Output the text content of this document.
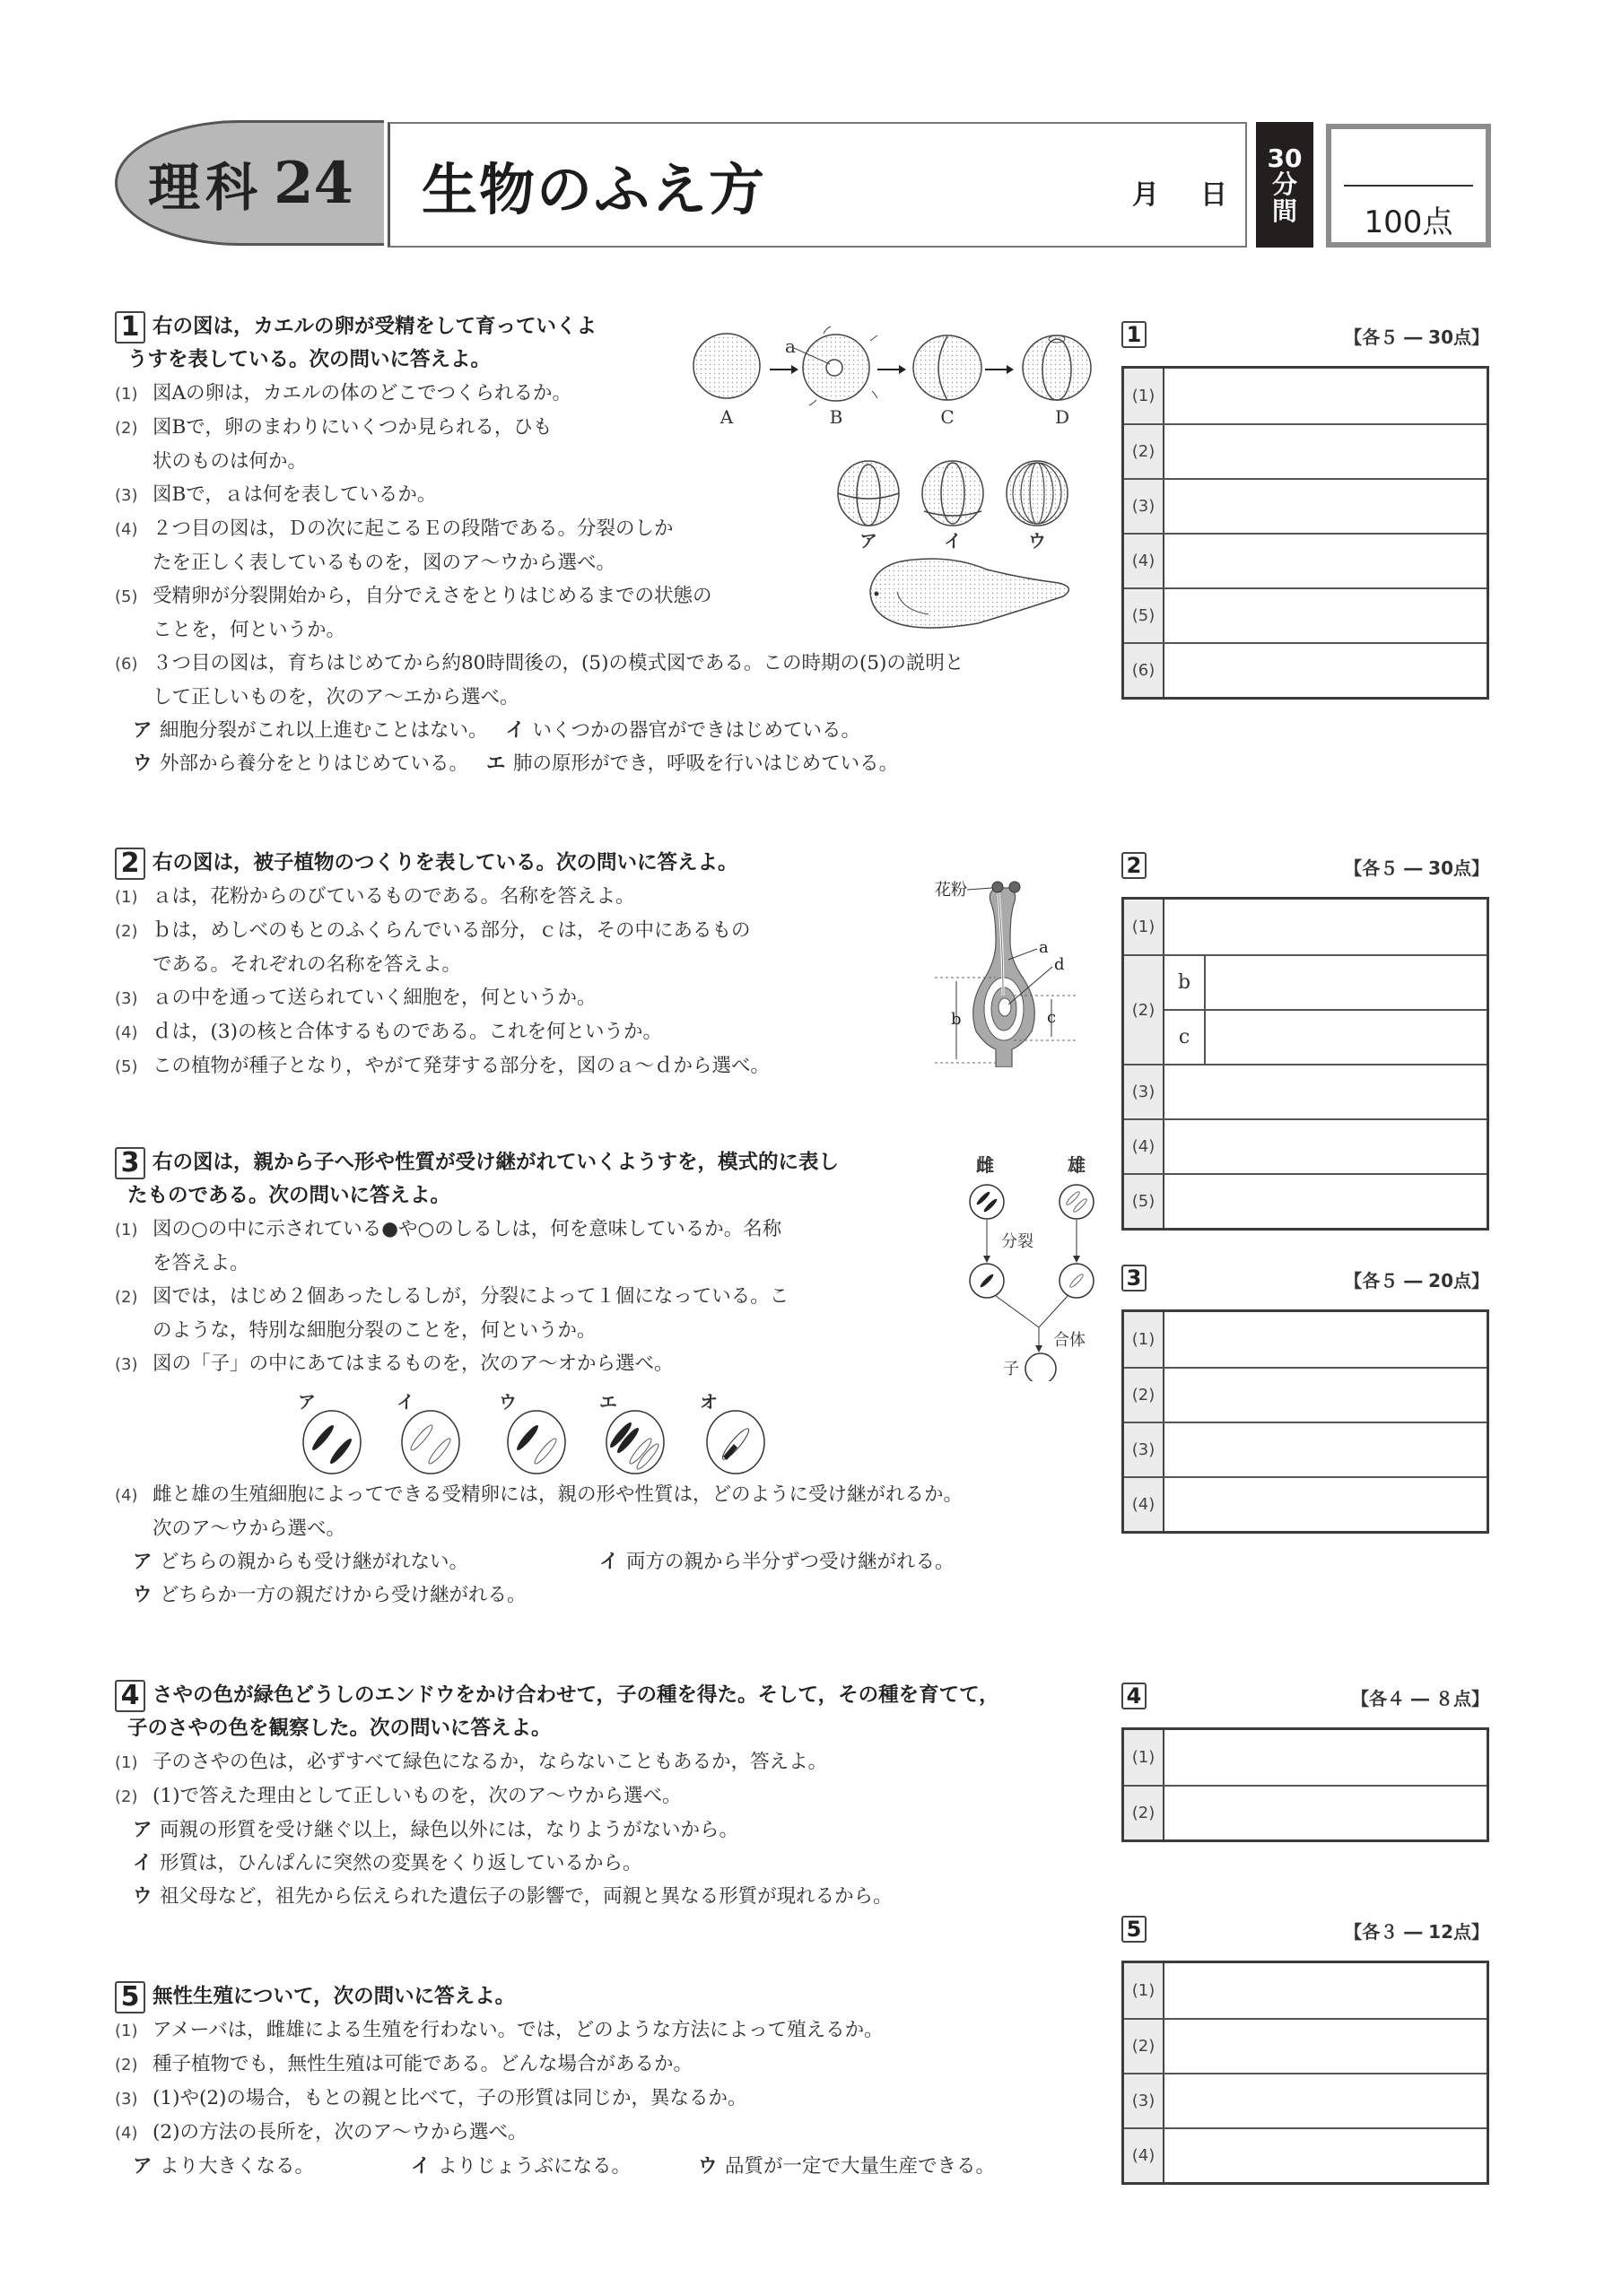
理科 24 生物のふえ方	月 日
30
分
間	100点
1 右の図は，カエルの卵が受精をして育っていくよ
うすを表している。次の問いに答えよ。
(1) 図Aの卵は，カエルの体のどこでつくられるか。
(2) 図Bで，卵のまわりにいくつか見られる，ひも
状のものは何か。
(3) 図Bで，ａは何を表しているか。
(4) ２つ目の図は，Ｄの次に起こるＥの段階である。分裂のしか
たを正しく表しているものを，図のア～ウから選べ。
(5) 受精卵が分裂開始から，自分でえさをとりはじめるまでの状態の
ことを，何というか。
(6) ３つ目の図は，育ちはじめてから約80時間後の，(5)の模式図である。この時期の(5)の説明と
して正しいものを，次のア～エから選べ。
ア 細胞分裂がこれ以上進むことはない。 イ いくつかの器官ができはじめている。
ウ 外部から養分をとりはじめている。 エ 肺の原形ができ，呼吸を行いはじめている。
A	B	C	D
a
ア	イ	ウ
1	【各５ ― 30点】
(1)
(2)
(3)
(4)
(5)
(6)
2 右の図は，被子植物のつくりを表している。次の問いに答えよ。
(1) ａは，花粉からのびているものである。名称を答えよ。
(2) ｂは，めしべのもとのふくらんでいる部分，ｃは，その中にあるもの
である。それぞれの名称を答えよ。
(3) ａの中を通って送られていく細胞を，何というか。
(4) ｄは，(3)の核と合体するものである。これを何というか。
(5) この植物が種子となり，やがて発芽する部分を，図のａ～ｄから選べ。
花粉
a
d
b	c
2	【各５ ― 30点】
(1)
(2)
b
c
(3)
(4)
(5)
3 右の図は，親から子へ形や性質が受け継がれていくようすを，模式的に表し
たものである。次の問いに答えよ。
(1) 図の○の中に示されている●や○のしるしは，何を意味しているか。名称
を答えよ。
(2) 図では，はじめ２個あったしるしが，分裂によって１個になっている。こ
のような，特別な細胞分裂のことを，何というか。
(3) 図の「子」の中にあてはまるものを，次のア～オから選べ。
ア	イ	ウ	エ	オ
(4) 雌と雄の生殖細胞によってできる受精卵には，親の形や性質は，どのように受け継がれるか。
次のア～ウから選べ。
ア どちらの親からも受け継がれない。	イ 両方の親から半分ずつ受け継がれる。
ウ どちらか一方の親だけから受け継がれる。
雌	雄
分裂
合体
子
3	【各５ ― 20点】
(1)
(2)
(3)
(4)
4 さやの色が緑色どうしのエンドウをかけ合わせて，子の種を得た。そして，その種を育てて，
子のさやの色を観察した。次の問いに答えよ。
(1) 子のさやの色は，必ずすべて緑色になるか，ならないこともあるか，答えよ。
(2) (1)で答えた理由として正しいものを，次のア～ウから選べ。
ア 両親の形質を受け継ぐ以上，緑色以外には，なりようがないから。
イ 形質は，ひんぱんに突然の変異をくり返しているから。
ウ 祖父母など，祖先から伝えられた遺伝子の影響で，両親と異なる形質が現れるから。
4	【各４ ― ８点】
(1)
(2)
5 無性生殖について，次の問いに答えよ。
(1) アメーバは，雌雄による生殖を行わない。では，どのような方法によって殖えるか。
(2) 種子植物でも，無性生殖は可能である。どんな場合があるか。
(3) (1)や(2)の場合，もとの親と比べて，子の形質は同じか，異なるか。
(4) (2)の方法の長所を，次のア～ウから選べ。
ア より大きくなる。	イ よりじょうぶになる。	ウ 品質が一定で大量生産できる。
5	【各３ ― 12点】
(1)
(2)
(3)
(4)
